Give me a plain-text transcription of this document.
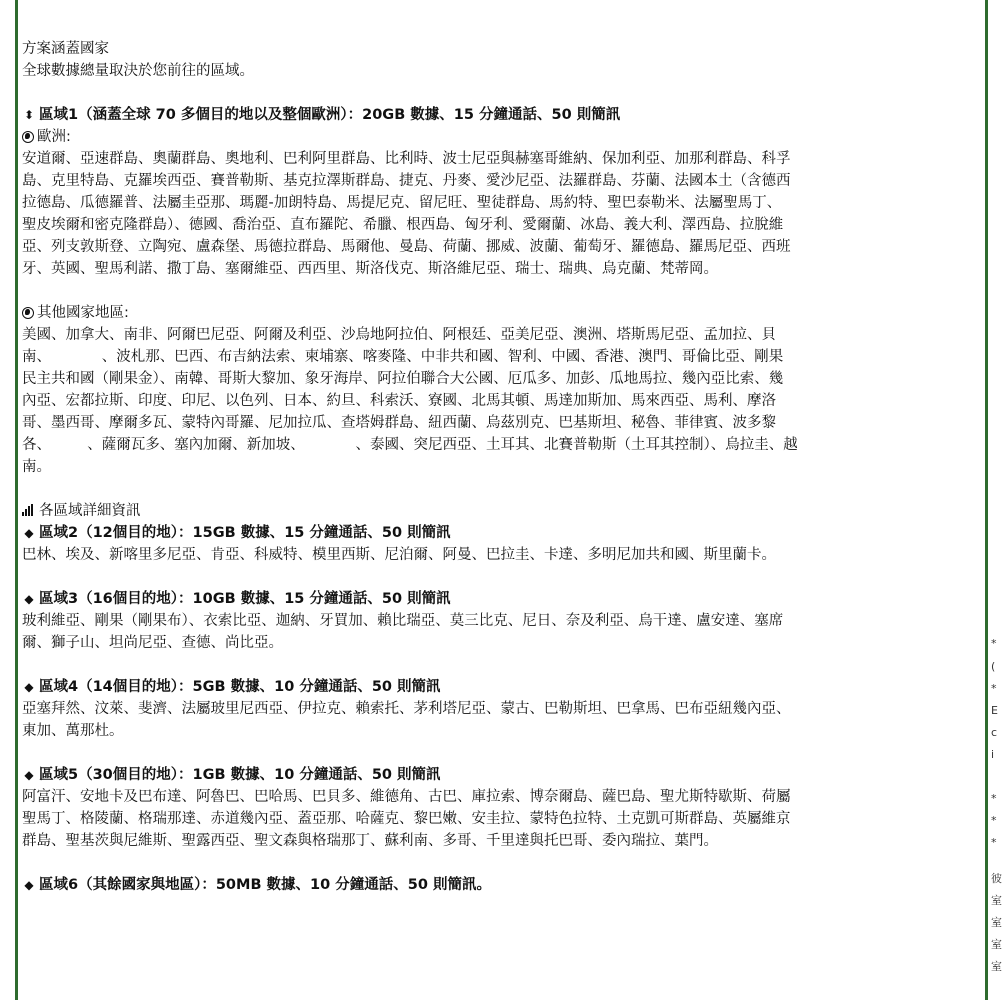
*
(
*
E
c
i
*
*
*
彼
室
室
室
室
方案涵蓋國家
全球數據總量取決於您前往的區域。
⬍ 區域1（涵蓋全球 70 多個目的地以及整個歐洲）：20GB 數據、15 分鐘通話、50 則簡訊
歐洲:
安道爾、亞速群島、奧蘭群島、奧地利、巴利阿里群島、比利時、波士尼亞與赫塞哥維納、保加利亞、加那利群島、科孚
島、克里特島、克羅埃西亞、賽普勒斯、基克拉澤斯群島、捷克、丹麥、愛沙尼亞、法羅群島、芬蘭、法國本土（含德西
拉德島、瓜德羅普、法屬圭亞那、瑪麗-加朗特島、馬提尼克、留尼旺、聖徒群島、馬約特、聖巴泰勒米、法屬聖馬丁、
聖皮埃爾和密克隆群島）、德國、喬治亞、直布羅陀、希臘、根西島、匈牙利、愛爾蘭、冰島、義大利、澤西島、拉脫維
亞、列支敦斯登、立陶宛、盧森堡、馬德拉群島、馬爾他、曼島、荷蘭、挪威、波蘭、葡萄牙、羅德島、羅馬尼亞、西班
牙、英國、聖馬利諾、撒丁島、塞爾維亞、西西里、斯洛伐克、斯洛維尼亞、瑞士、瑞典、烏克蘭、梵蒂岡。
其他國家地區:
美國、加拿大、南非、阿爾巴尼亞、阿爾及利亞、沙烏地阿拉伯、阿根廷、亞美尼亞、澳洲、塔斯馬尼亞、孟加拉、貝
南、　　　　、波札那、巴西、布吉納法索、柬埔寨、喀麥隆、中非共和國、智利、中國、香港、澳門、哥倫比亞、剛果
民主共和國（剛果金）、南韓、哥斯大黎加、象牙海岸、阿拉伯聯合大公國、厄瓜多、加彭、瓜地馬拉、幾內亞比索、幾
內亞、宏都拉斯、印度、印尼、以色列、日本、約旦、科索沃、寮國、北馬其頓、馬達加斯加、馬來西亞、馬利、摩洛
哥、墨西哥、摩爾多瓦、蒙特內哥羅、尼加拉瓜、查塔姆群島、紐西蘭、烏茲別克、巴基斯坦、秘魯、菲律賓、波多黎
各、　　　、薩爾瓦多、塞內加爾、新加坡、　　　　、泰國、突尼西亞、土耳其、北賽普勒斯（土耳其控制）、烏拉圭、越
南。
各區域詳細資訊
◆ 區域2（12個目的地）：15GB 數據、15 分鐘通話、50 則簡訊
巴林、埃及、新喀里多尼亞、肯亞、科威特、模里西斯、尼泊爾、阿曼、巴拉圭、卡達、多明尼加共和國、斯里蘭卡。
◆ 區域3（16個目的地）：10GB 數據、15 分鐘通話、50 則簡訊
玻利維亞、剛果（剛果布）、衣索比亞、迦納、牙買加、賴比瑞亞、莫三比克、尼日、奈及利亞、烏干達、盧安達、塞席
爾、獅子山、坦尚尼亞、查德、尚比亞。
◆ 區域4（14個目的地）：5GB 數據、10 分鐘通話、50 則簡訊
亞塞拜然、汶萊、斐濟、法屬玻里尼西亞、伊拉克、賴索托、茅利塔尼亞、蒙古、巴勒斯坦、巴拿馬、巴布亞紐幾內亞、
東加、萬那杜。
◆ 區域5（30個目的地）：1GB 數據、10 分鐘通話、50 則簡訊
阿富汗、安地卡及巴布達、阿魯巴、巴哈馬、巴貝多、維德角、古巴、庫拉索、博奈爾島、薩巴島、聖尤斯特歇斯、荷屬
聖馬丁、格陵蘭、格瑞那達、赤道幾內亞、蓋亞那、哈薩克、黎巴嫩、安圭拉、蒙特色拉特、土克凱可斯群島、英屬維京
群島、聖基茨與尼維斯、聖露西亞、聖文森與格瑞那丁、蘇利南、多哥、千里達與托巴哥、委內瑞拉、葉門。
◆ 區域6（其餘國家與地區）：50MB 數據、10 分鐘通話、50 則簡訊。
